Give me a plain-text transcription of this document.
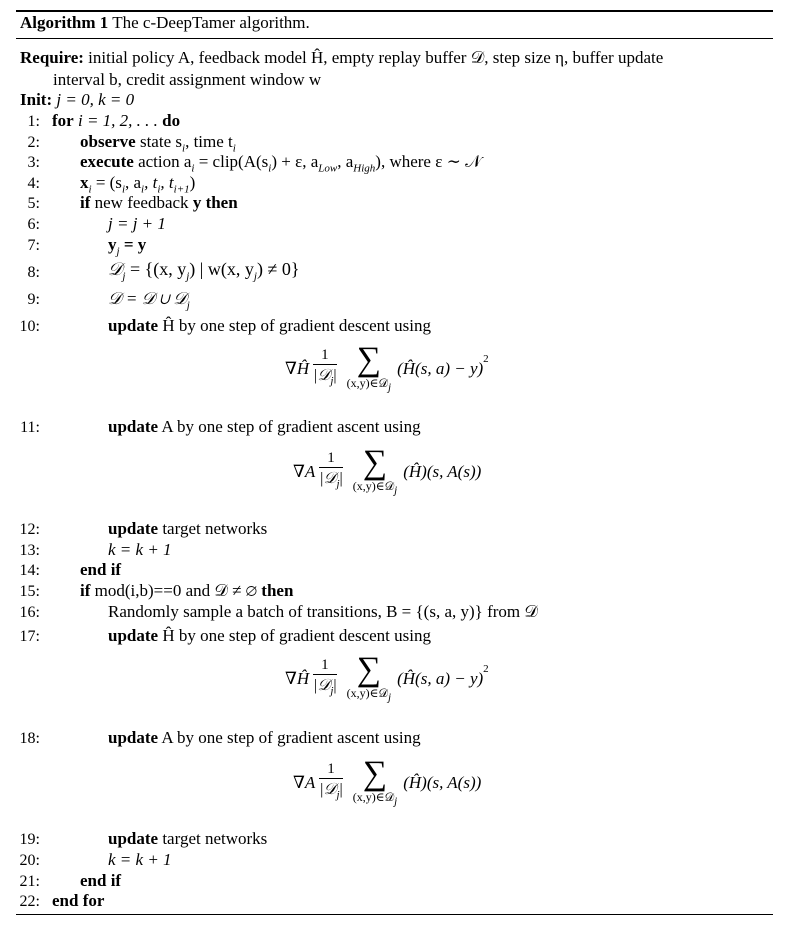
Algorithm 1 The c-DeepTamer algorithm.
Require: initial policy A, feedback model Ĥ, empty replay buffer 𝒟, step size η, buffer update
interval b, credit assignment window w
Init: j = 0, k = 0
1: for i = 1, 2, . . . do
2: observe state $s_i$, time $t_i$
3: execute action $a_i$ = $clip(A(s_i) + \varepsilon$, $a_{Low}$, $a_{High}$), where ε ∼ 𝒩
4: $x_i = (s_i$, $a_i$, $t_i$, $t_{i+1}$)
5: if new feedback y then
6:	j = j + 1
7:	$y_j = y$
8:	𝒟$_j$ = {(x, $y_j$) | w(x, $y_j) \ne 0$}
9:	𝒟 = 𝒟 ∪ 𝒟$_j$
10:	update Ĥ by one step of gradient descent using
∇Ĥ $\frac{1}{|𝒟_j|}$ ∑
(x,y)∈𝒟$_j$
(Ĥ(s, a) − y)$^2$
11:	update A by one step of gradient ascent using
$\nabla A \frac{1}{|𝒟_j|}$ ∑
(x,y)∈𝒟$_j$
(Ĥ)(s, A(s))
12:	update target networks
13:	k = k + 1
14: end if
15: if mod(i,b)==0 and 𝒟 ≠ ∅ then
16:	Randomly sample a batch of transitions, B = {(s, a, y)} from 𝒟
17:	update Ĥ by one step of gradient descent using
∇Ĥ $\frac{1}{|𝒟_j|}$ ∑
(x,y)∈𝒟$_j$
(Ĥ(s, a) − y)$^2$
18:	update A by one step of gradient ascent using
$\nabla A \frac{1}{|𝒟_j|}$ ∑
(x,y)∈𝒟$_j$
(Ĥ)(s, A(s))
19:	update target networks
20:	k = k + 1
21: end if
22: end for
